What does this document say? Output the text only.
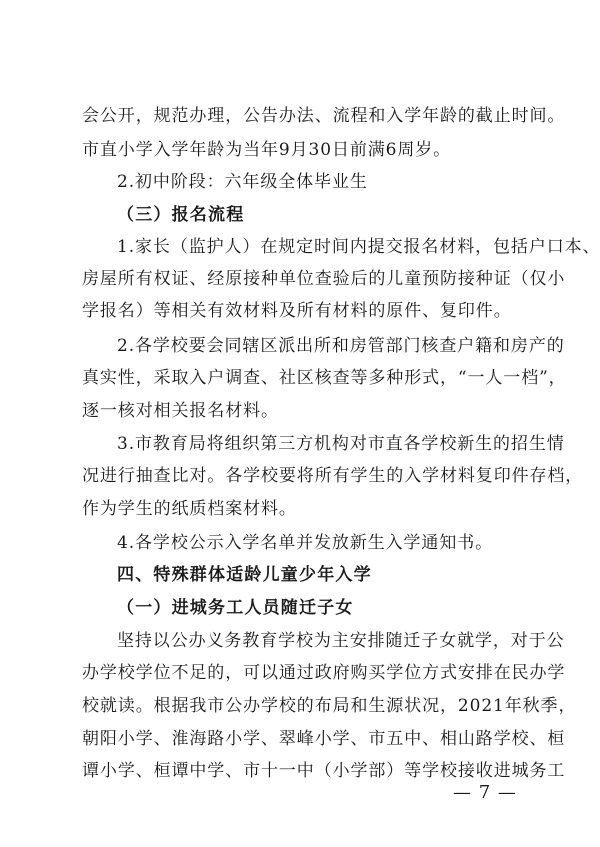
会公开，规范办理，公告办法、流程和入学年龄的截止时间。
市直小学入学年龄为当年9月30日前满6周岁。
2.初中阶段：六年级全体毕业生
（三）报名流程
1.家长（监护人）在规定时间内提交报名材料，包括户口本、
房屋所有权证、经原接种单位查验后的儿童预防接种证（仅小
学报名）等相关有效材料及所有材料的原件、复印件。
2.各学校要会同辖区派出所和房管部门核查户籍和房产的
真实性，采取入户调查、社区核查等多种形式，“一人一档”，
逐一核对相关报名材料。
3.市教育局将组织第三方机构对市直各学校新生的招生情
况进行抽查比对。各学校要将所有学生的入学材料复印件存档，
作为学生的纸质档案材料。
4.各学校公示入学名单并发放新生入学通知书。
四、特殊群体适龄儿童少年入学
（一）进城务工人员随迁子女
坚持以公办义务教育学校为主安排随迁子女就学，对于公
办学校学位不足的，可以通过政府购买学位方式安排在民办学
校就读。根据我市公办学校的布局和生源状况，2021年秋季，
朝阳小学、淮海路小学、翠峰小学、市五中、相山路学校、桓
谭小学、桓谭中学、市十一中（小学部）等学校接收进城务工
— 7 —
